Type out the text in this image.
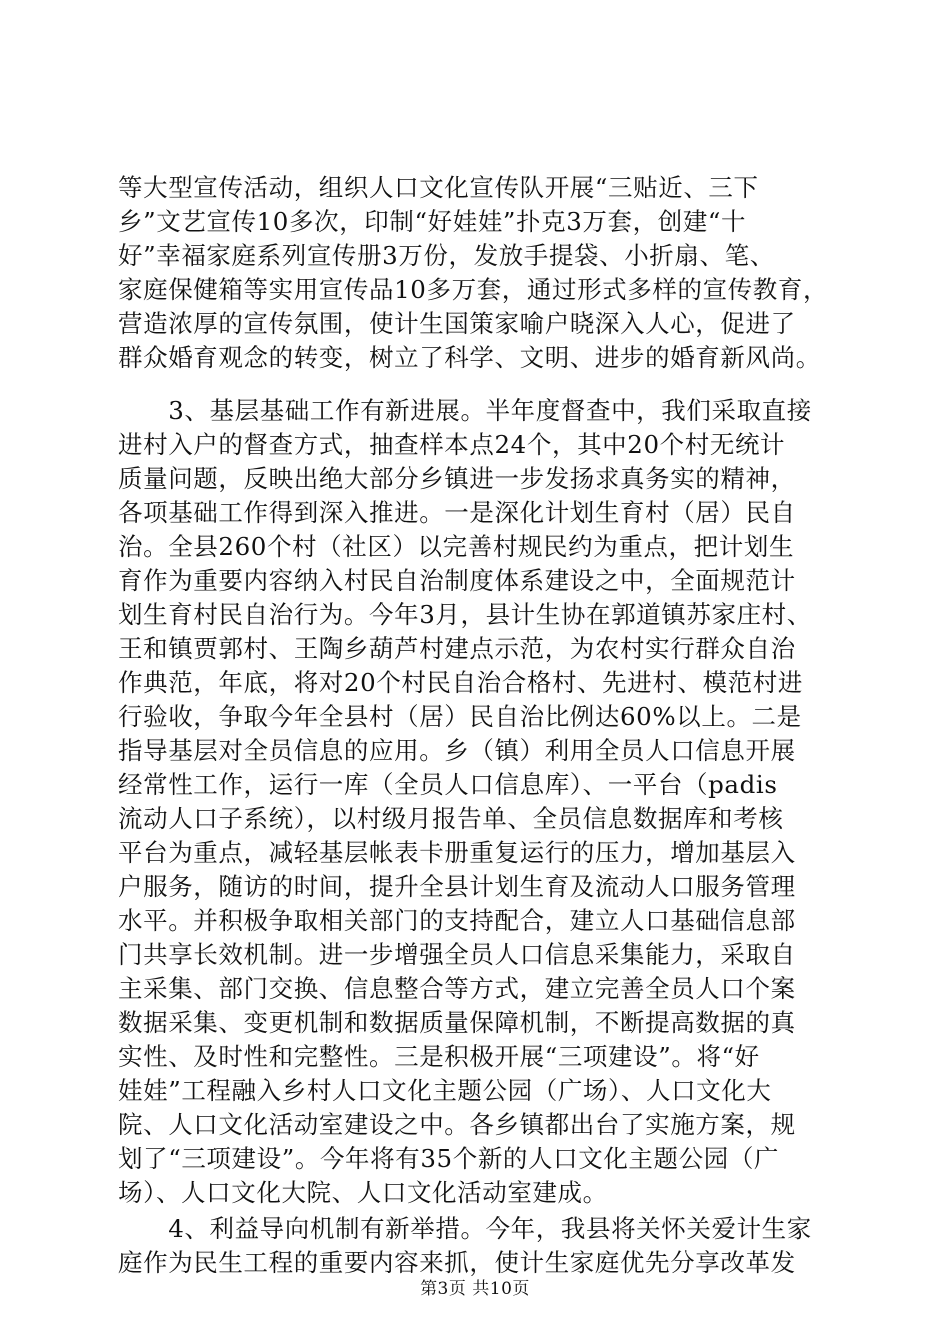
等大型宣传活动，组织人口文化宣传队开展“三贴近、三下
乡”文艺宣传10多次，印制“好娃娃”扑克3万套，创建“十
好”幸福家庭系列宣传册3万份，发放手提袋、小折扇、笔、
家庭保健箱等实用宣传品10多万套，通过形式多样的宣传教育，
营造浓厚的宣传氛围，使计生国策家喻户晓深入人心，促进了
群众婚育观念的转变，树立了科学、文明、进步的婚育新风尚。
　　3、基层基础工作有新进展。半年度督查中，我们采取直接
进村入户的督查方式，抽查样本点24个，其中20个村无统计
质量问题，反映出绝大部分乡镇进一步发扬求真务实的精神，
各项基础工作得到深入推进。一是深化计划生育村（居）民自
治。全县260个村（社区）以完善村规民约为重点，把计划生
育作为重要内容纳入村民自治制度体系建设之中，全面规范计
划生育村民自治行为。今年3月，县计生协在郭道镇苏家庄村、
王和镇贾郭村、王陶乡葫芦村建点示范，为农村实行群众自治
作典范，年底，将对20个村民自治合格村、先进村、模范村进
行验收，争取今年全县村（居）民自治比例达60%以上。二是
指导基层对全员信息的应用。乡（镇）利用全员人口信息开展
经常性工作，运行一库（全员人口信息库）、一平台（padis
流动人口子系统），以村级月报告单、全员信息数据库和考核
平台为重点，减轻基层帐表卡册重复运行的压力，增加基层入
户服务，随访的时间，提升全县计划生育及流动人口服务管理
水平。并积极争取相关部门的支持配合，建立人口基础信息部
门共享长效机制。进一步增强全员人口信息采集能力，采取自
主采集、部门交换、信息整合等方式，建立完善全员人口个案
数据采集、变更机制和数据质量保障机制，不断提高数据的真
实性、及时性和完整性。三是积极开展“三项建设”。将“好
娃娃”工程融入乡村人口文化主题公园（广场）、人口文化大
院、人口文化活动室建设之中。各乡镇都出台了实施方案，规
划了“三项建设”。今年将有35个新的人口文化主题公园（广
场）、人口文化大院、人口文化活动室建成。
　　4、利益导向机制有新举措。今年，我县将关怀关爱计生家
庭作为民生工程的重要内容来抓，使计生家庭优先分享改革发
第3页 共10页
